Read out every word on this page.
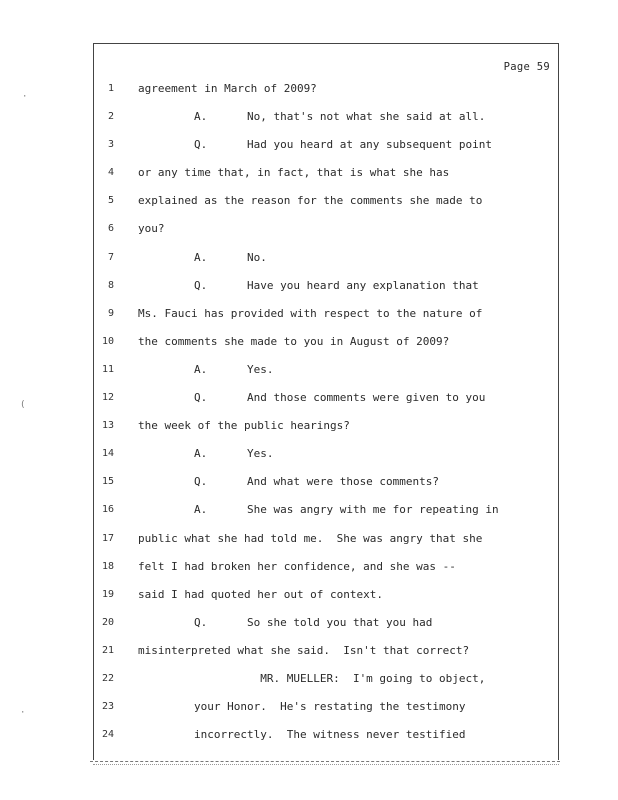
Page 59
1 agreement in March of 2009?
2	A.      No, that's not what she said at all.
3	Q.      Had you heard at any subsequent point
4 or any time that, in fact, that is what she has
5 explained as the reason for the comments she made to
6 you?
7	A.      No.
8	Q.      Have you heard any explanation that
9 Ms. Fauci has provided with respect to the nature of
10 the comments she made to you in August of 2009?
11	A.      Yes.
12	Q.      And those comments were given to you
13 the week of the public hearings?
14	A.      Yes.
15	Q.      And what were those comments?
16	A.      She was angry with me for repeating in
17 public what she had told me.  She was angry that she
18 felt I had broken her confidence, and she was --
19 said I had quoted her out of context.
20	Q.      So she told you that you had
21 misinterpreted what she said.  Isn't that correct?
22	MR. MUELLER:  I'm going to object,
23	your Honor.  He's restating the testimony
24	incorrectly.  The witness never testified
·
(
·
